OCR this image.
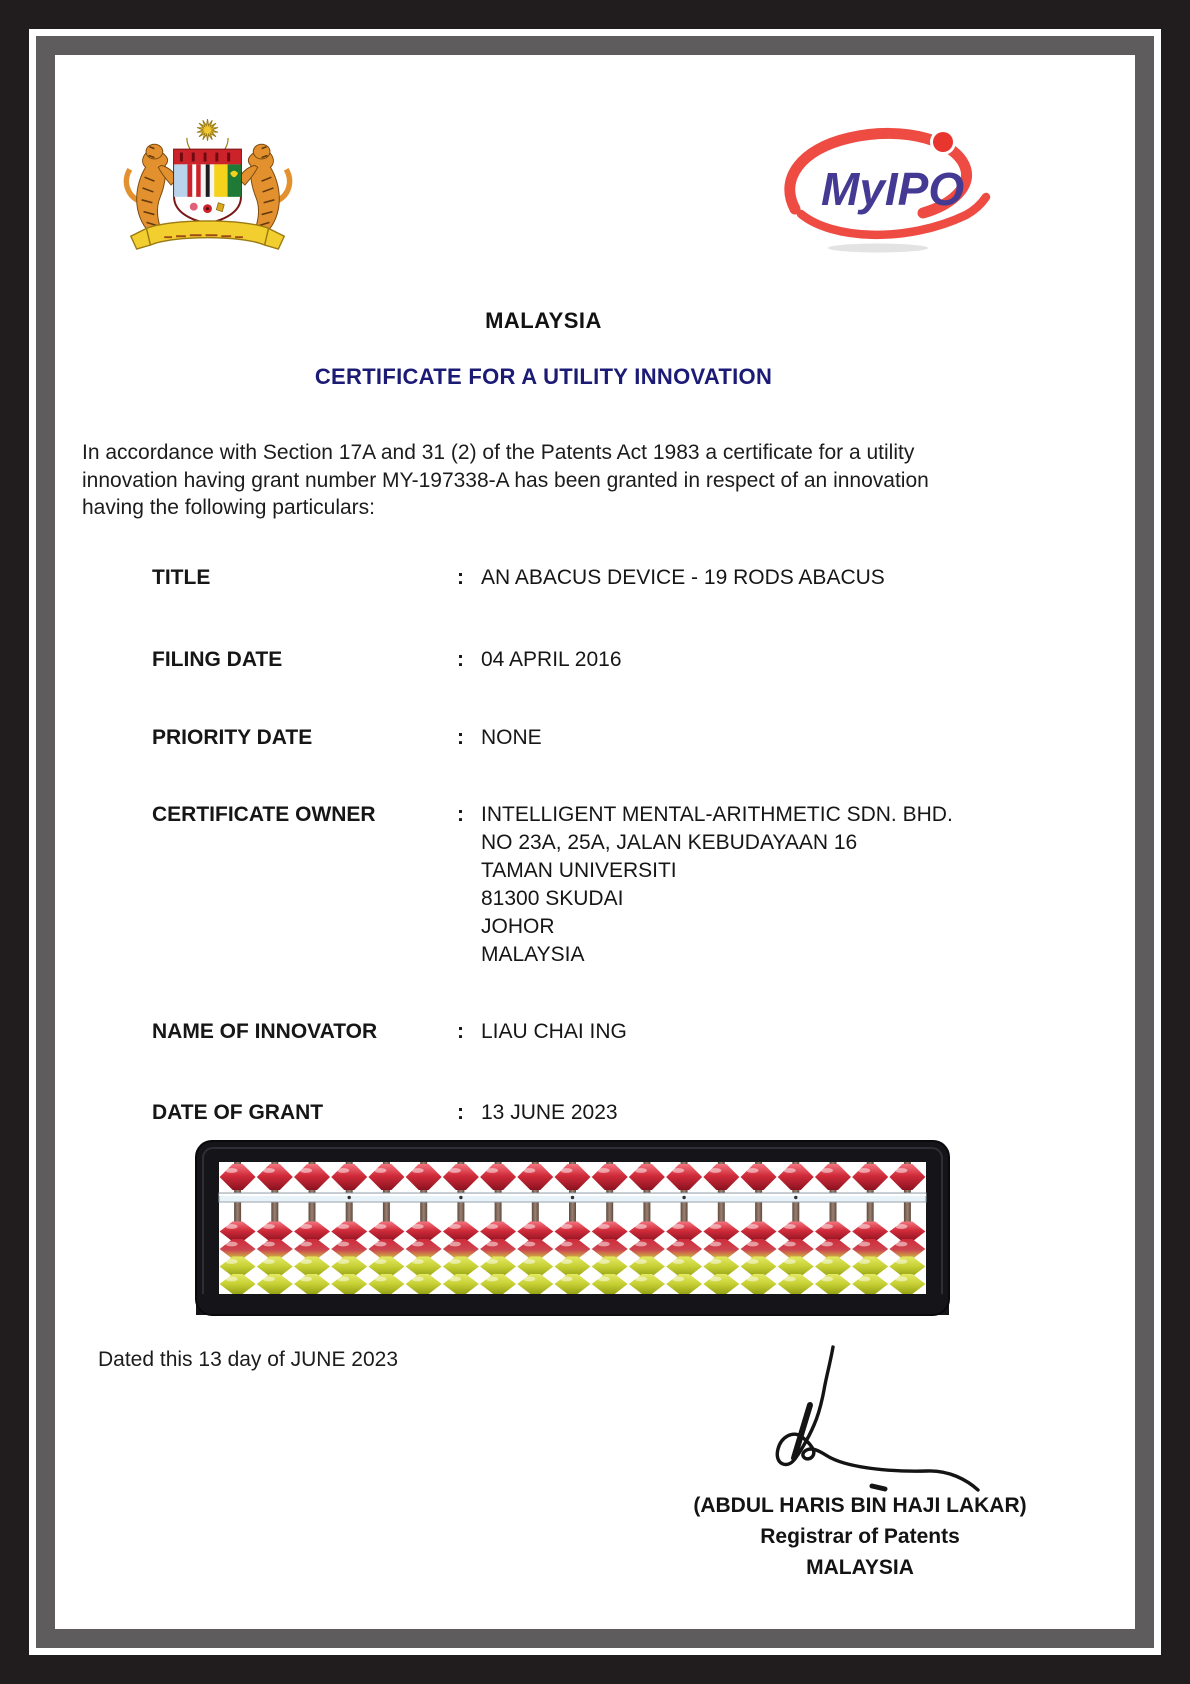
MyIPO
MALAYSIA
CERTIFICATE FOR A UTILITY INNOVATION
In accordance with Section 17A and 31 (2) of the Patents Act 1983 a certificate for a utility
innovation having grant number MY-197338-A has been granted in respect of an innovation
having the following particulars:
TITLE	: AN ABACUS DEVICE - 19 RODS ABACUS
FILING DATE	: 04 APRIL 2016
PRIORITY DATE	: NONE
CERTIFICATE OWNER	: INTELLIGENT MENTAL-ARITHMETIC SDN. BHD.
NO 23A, 25A, JALAN KEBUDAYAAN 16
TAMAN UNIVERSITI
81300 SKUDAI
JOHOR
MALAYSIA
NAME OF INNOVATOR	: LIAU CHAI ING
DATE OF GRANT	: 13 JUNE 2023
Dated this 13 day of JUNE 2023
(ABDUL HARIS BIN HAJI LAKAR)
Registrar of Patents
MALAYSIA
